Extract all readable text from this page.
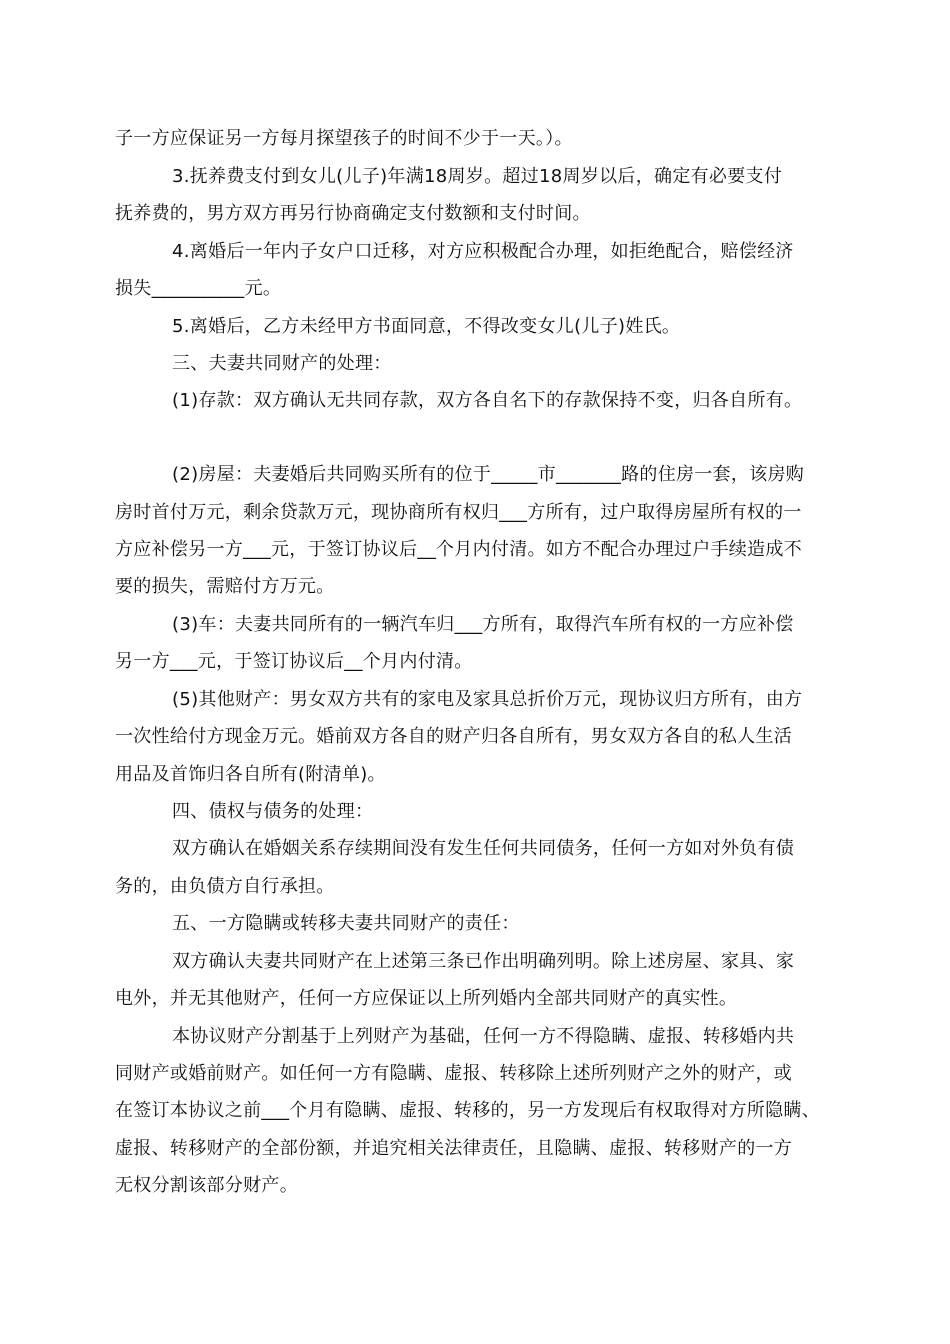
子一方应保证另一方每月探望孩子的时间不少于一天。）。
3.抚养费支付到女儿(儿子)年满18周岁。超过18周岁以后，确定有必要支付
抚养费的，男方双方再另行协商确定支付数额和支付时间。
4.离婚后一年内子女户口迁移，对方应积极配合办理，如拒绝配合，赔偿经济
损失__________元。
5.离婚后，乙方未经甲方书面同意，不得改变女儿(儿子)姓氏。
三、夫妻共同财产的处理：
(1)存款：双方确认无共同存款，双方各自名下的存款保持不变，归各自所有。
(2)房屋：夫妻婚后共同购买所有的位于_____市_______路的住房一套，该房购
房时首付万元，剩余贷款万元，现协商所有权归___方所有，过户取得房屋所有权的一
方应补偿另一方___元，于签订协议后__个月内付清。如方不配合办理过户手续造成不
要的损失，需赔付方万元。
(3)车：夫妻共同所有的一辆汽车归___方所有，取得汽车所有权的一方应补偿
另一方___元，于签订协议后__个月内付清。
(5)其他财产：男女双方共有的家电及家具总折价万元，现协议归方所有，由方
一次性给付方现金万元。婚前双方各自的财产归各自所有，男女双方各自的私人生活
用品及首饰归各自所有(附清单)。
四、债权与债务的处理：
双方确认在婚姻关系存续期间没有发生任何共同债务，任何一方如对外负有债
务的，由负债方自行承担。
五、一方隐瞒或转移夫妻共同财产的责任：
双方确认夫妻共同财产在上述第三条已作出明确列明。除上述房屋、家具、家
电外，并无其他财产，任何一方应保证以上所列婚内全部共同财产的真实性。
本协议财产分割基于上列财产为基础，任何一方不得隐瞒、虚报、转移婚内共
同财产或婚前财产。如任何一方有隐瞒、虚报、转移除上述所列财产之外的财产，或
在签订本协议之前___个月有隐瞒、虚报、转移的，另一方发现后有权取得对方所隐瞒、
虚报、转移财产的全部份额，并追究相关法律责任，且隐瞒、虚报、转移财产的一方
无权分割该部分财产。
